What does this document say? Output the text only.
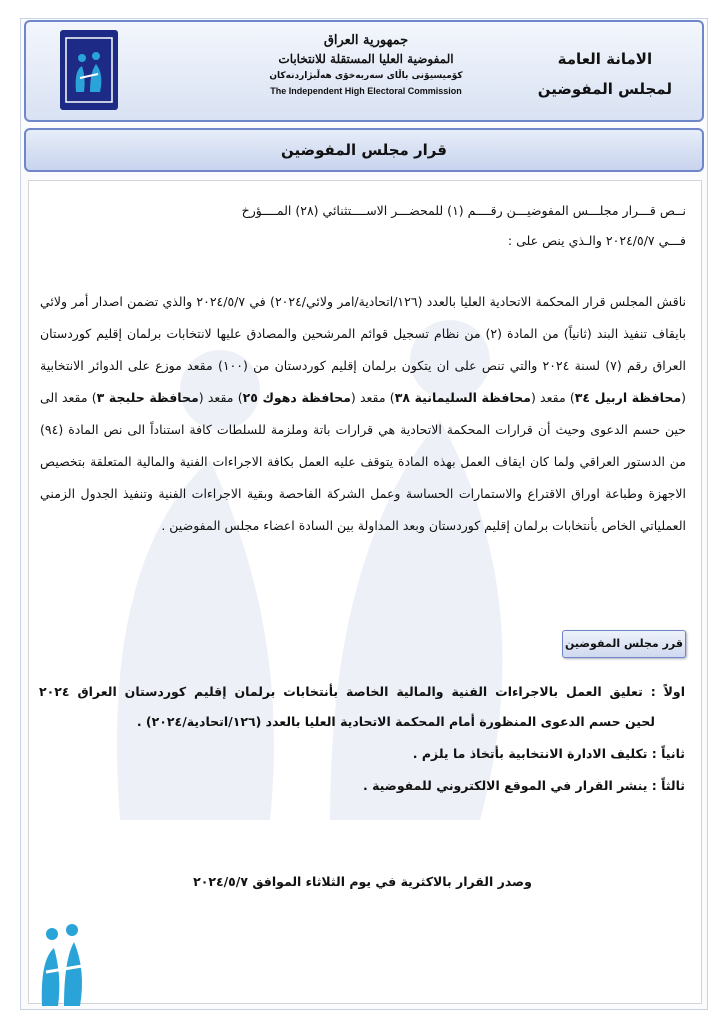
جمهورية العراق
المفوضية العليا المستقلة للانتخابات
كۆمیسیۆنی باڵای سەربەخۆی هەڵبژاردنەکان
The Independent High Electoral Commission
الامانة العامة
لمجلس المفوضين
قرار مجلس المفوضين
نــص قـــرار مجلـــس المفوضيـــن رقــــم (١) للمحضـــر الاســــتثنائي (٢٨) المــــؤرخ
فـــي ٢٠٢٤/٥/٧ والـذي ينص على :
ناقش المجلس قرار المحكمة الاتحادية العليا بالعدد (١٢٦/اتحادية/امر ولائي/٢٠٢٤) في ٢٠٢٤/٥/٧ والذي تضمن اصدار أمر ولائي بايقاف تنفيذ البند (ثانياً) من المادة (٢) من نظام تسجيل قوائم المرشحين والمصادق عليها لانتخابات برلمان إقليم كوردستان العراق رقم (٧) لسنة ٢٠٢٤ والتي تنص على ان يتكون برلمان إقليم كوردستان من (١٠٠) مقعد موزع على الدوائر الانتخابية (محافظة اربيل ٣٤) مقعد (محافظة السليمانية ٣٨) مقعد (محافظة دهوك ٢٥) مقعد (محافظة حلبجة ٣) مقعد الى حين حسم الدعوى وحيث أن قرارات المحكمة الاتحادية هي قرارات باتة وملزمة للسلطات كافة استناداً الى نص المادة (٩٤) من الدستور العراقي ولما كان ايقاف العمل بهذه المادة يتوقف عليه العمل بكافة الاجراءات الفنية والمالية المتعلقة بتخصيص الاجهزة وطباعة اوراق الاقتراع والاستمارات الحساسة وعمل الشركة الفاحصة وبقية الاجراءات الفنية وتنفيذ الجدول الزمني العملياتي الخاص بأنتخابات برلمان إقليم كوردستان وبعد المداولة بين السادة اعضاء مجلس المفوضين .
قرر مجلس المفوضين
اولاً : تعليق العمل بالاجراءات الفنية والمالية الخاصة بأنتخابات برلمان إقليم كوردستان العراق ٢٠٢٤
لحين حسم الدعوى المنظورة أمام المحكمة الاتحادية العليا بالعدد (١٢٦/اتحادية/٢٠٢٤) .
ثانياً : تكليف الادارة الانتخابية بأتخاذ ما يلزم .
ثالثاً : ينشر القرار في الموقع الالكتروني للمفوضية .
وصدر القرار بالاكثرية في يوم الثلاثاء الموافق ٢٠٢٤/٥/٧
